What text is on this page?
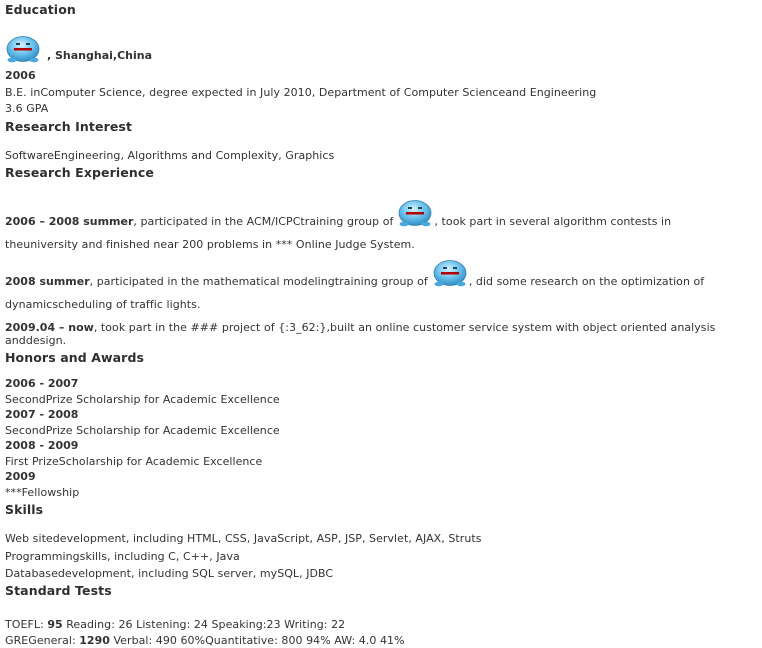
Education
, Shanghai,China
2006
B.E. inComputer Science, degree expected in July 2010, Department of Computer Scienceand Engineering
3.6 GPA
Research Interest
SoftwareEngineering, Algorithms and Complexity, Graphics
Research Experience
2006 – 2008 summer , participated in the ACM/ICPCtraining group of	, took part in several algorithm contests in
theuniversity and finished near 200 problems in *** Online Judge System.
2008 summer , participated in the mathematical modelingtraining group of	, did some research on the optimization of
dynamicscheduling of traffic lights.
2009.04 – now, took part in the ### project of {:3_62:},built an online customer service system with object oriented analysis
anddesign.
Honors and Awards
2006 - 2007
SecondPrize Scholarship for Academic Excellence
2007 - 2008
SecondPrize Scholarship for Academic Excellence
2008 - 2009
First PrizeScholarship for Academic Excellence
2009
***Fellowship
Skills
Web sitedevelopment, including HTML, CSS, JavaScript, ASP, JSP, Servlet, AJAX, Struts
Programmingskills, including C, C++, Java
Databasedevelopment, including SQL server, mySQL, JDBC
Standard Tests
TOEFL: 95 Reading: 26 Listening: 24 Speaking:23 Writing: 22
GREGeneral: 1290 Verbal: 490 60%Quantitative: 800 94% AW: 4.0 41%
